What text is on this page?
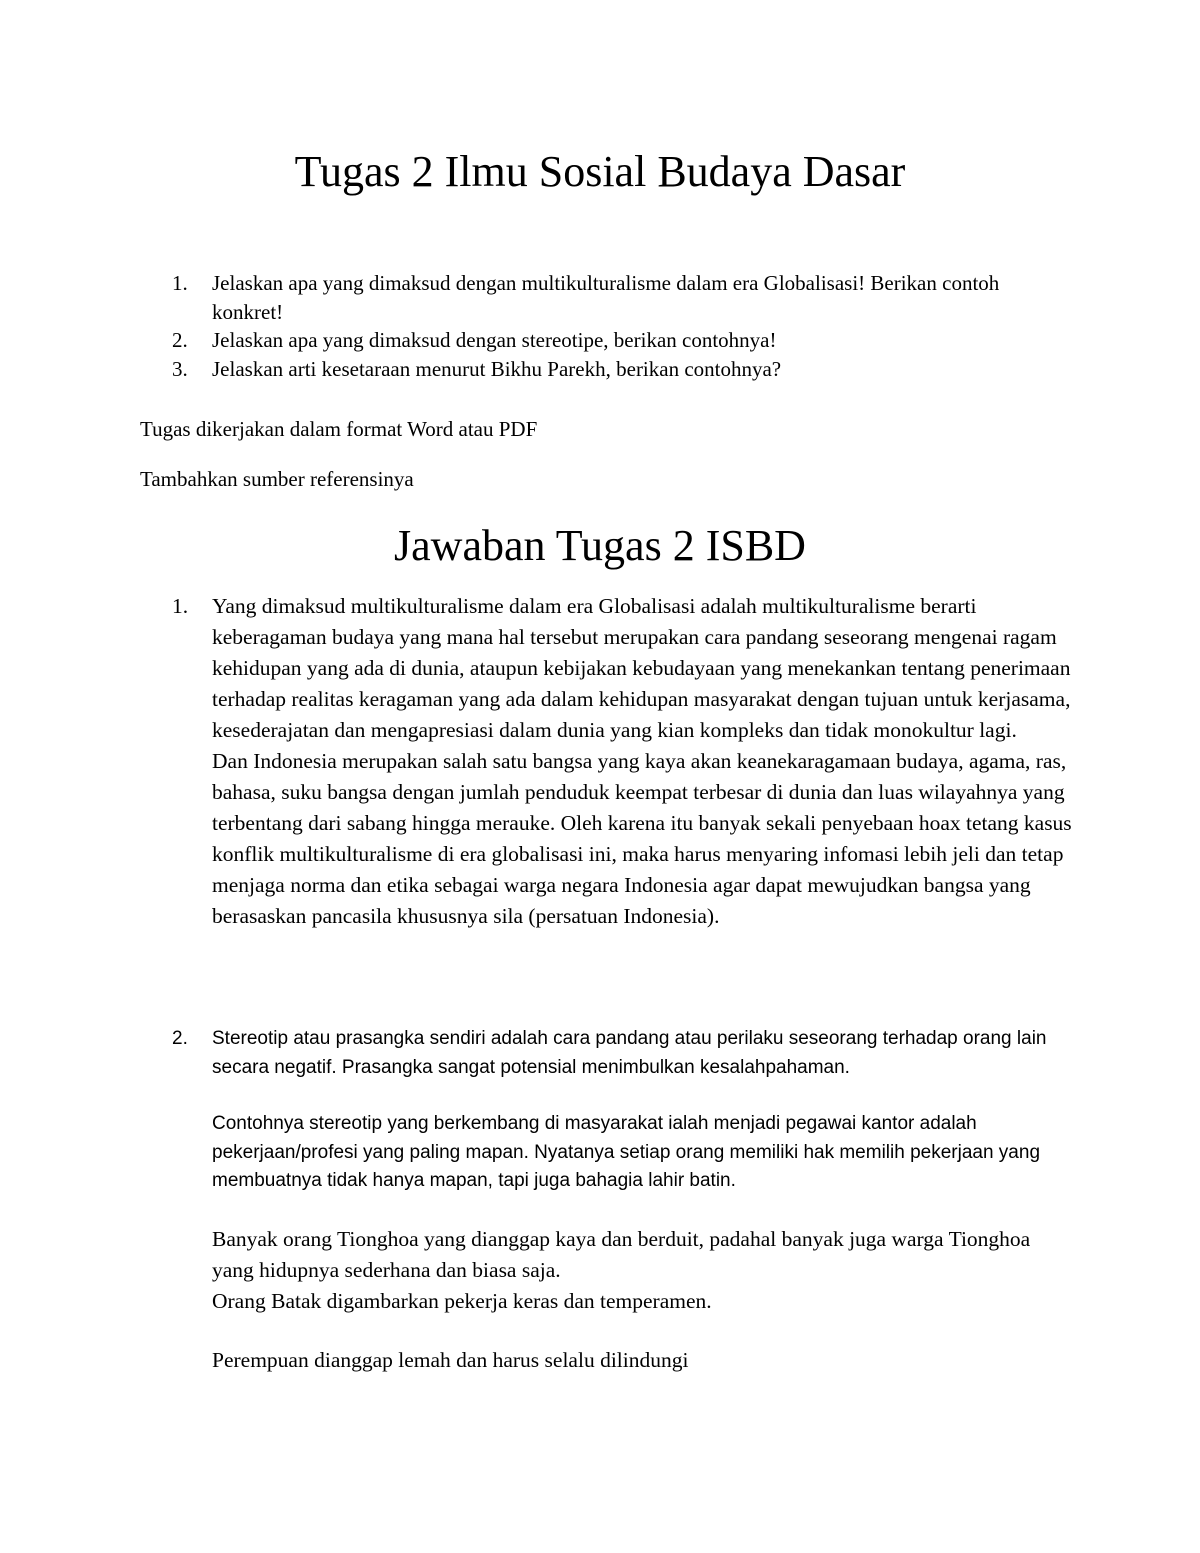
Tugas 2 Ilmu Sosial Budaya Dasar
1. Jelaskan apa yang dimaksud dengan multikulturalisme dalam era Globalisasi! Berikan contoh konkret!
2. Jelaskan apa yang dimaksud dengan stereotipe, berikan contohnya!
3. Jelaskan arti kesetaraan menurut Bikhu Parekh, berikan contohnya?

Tugas dikerjakan dalam format Word atau PDF

Tambahkan sumber referensinya

Jawaban Tugas 2 ISBD
1. Yang dimaksud multikulturalisme dalam era Globalisasi adalah multikulturalisme berarti keberagaman budaya yang mana hal tersebut merupakan cara pandang seseorang mengenai ragam kehidupan yang ada di dunia, ataupun kebijakan kebudayaan yang menekankan tentang penerimaan terhadap realitas keragaman yang ada dalam kehidupan masyarakat dengan tujuan untuk kerjasama, kesederajatan dan mengapresiasi dalam dunia yang kian kompleks dan tidak monokultur lagi.

Dan Indonesia merupakan salah satu bangsa yang kaya akan keanekaragamaan budaya, agama, ras, bahasa, suku bangsa dengan jumlah penduduk keempat terbesar di dunia dan luas wilayahnya yang terbentang dari sabang hingga merauke. Oleh karena itu banyak sekali penyebaan hoax tetang kasus konflik multikulturalisme di era globalisasi ini, maka harus menyaring infomasi lebih jeli dan tetap menjaga norma dan etika sebagai warga negara Indonesia agar dapat mewujudkan bangsa yang berasaskan pancasila khususnya sila (persatuan Indonesia).

2. Stereotip atau prasangka sendiri adalah cara pandang atau perilaku seseorang terhadap orang lain secara negatif. Prasangka sangat potensial menimbulkan kesalahpahaman.

Contohnya stereotip yang berkembang di masyarakat ialah menjadi pegawai kantor adalah pekerjaan/profesi yang paling mapan. Nyatanya setiap orang memiliki hak memilih pekerjaan yang membuatnya tidak hanya mapan, tapi juga bahagia lahir batin.

Banyak orang Tionghoa yang dianggap kaya dan berduit, padahal banyak juga warga Tionghoa yang hidupnya sederhana dan biasa saja.

Orang Batak digambarkan pekerja keras dan temperamen.

Perempuan dianggap lemah dan harus selalu dilindungi
